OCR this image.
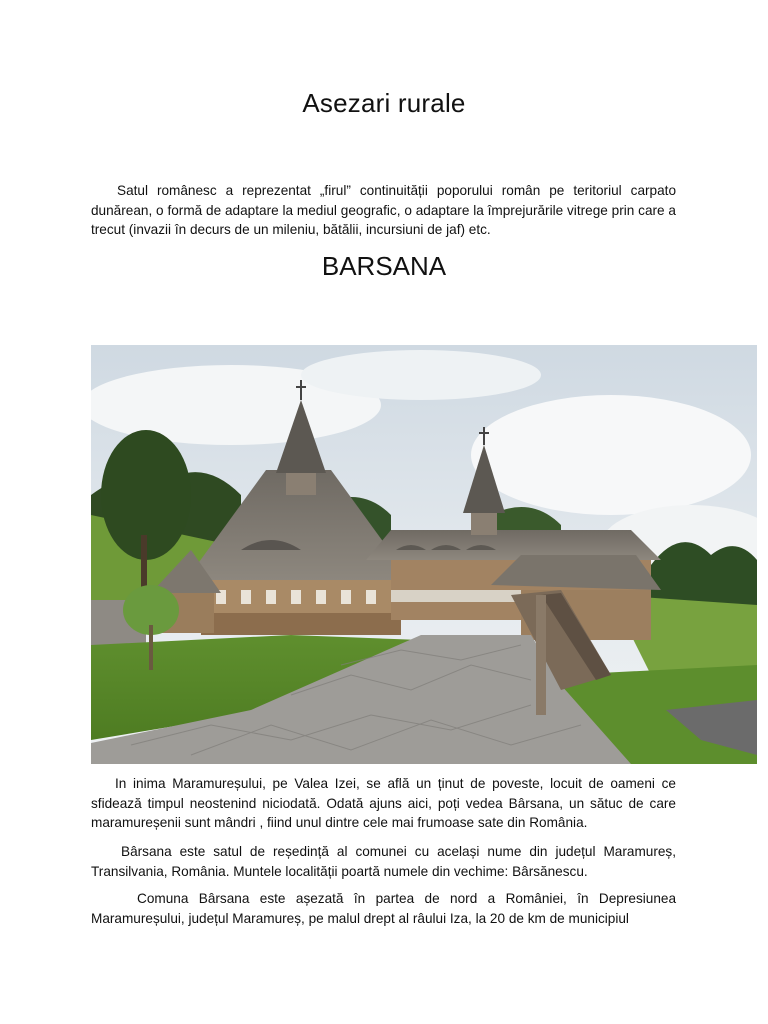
Asezari rurale

Satul românesc a reprezentat „firul” continuității poporului român pe teritoriul carpato dunărean, o formă de adaptare la mediul geografic, o adaptare la împrejurările vitrege prin care a trecut (invazii în decurs de un mileniu, bătălii, incursiuni de jaf) etc.

BARSANA

In inima Maramureșului, pe Valea Izei, se află un ținut de poveste, locuit de oameni ce sfidează timpul neostenind niciodată. Odată ajuns aici, poți vedea Bârsana, un sătuc de care maramureșenii sunt mândri , fiind unul dintre cele mai frumoase sate din România.

Bârsana este satul de reședință al comunei cu același nume din județul Maramureș, Transilvania, România. Muntele localității poartă numele din vechime: Bârsănescu.

Comuna Bârsana este așezată în partea de nord a României, în Depresiunea Maramureșului, județul Maramureș, pe malul drept al râului Iza, la 20 de km de municipiul
